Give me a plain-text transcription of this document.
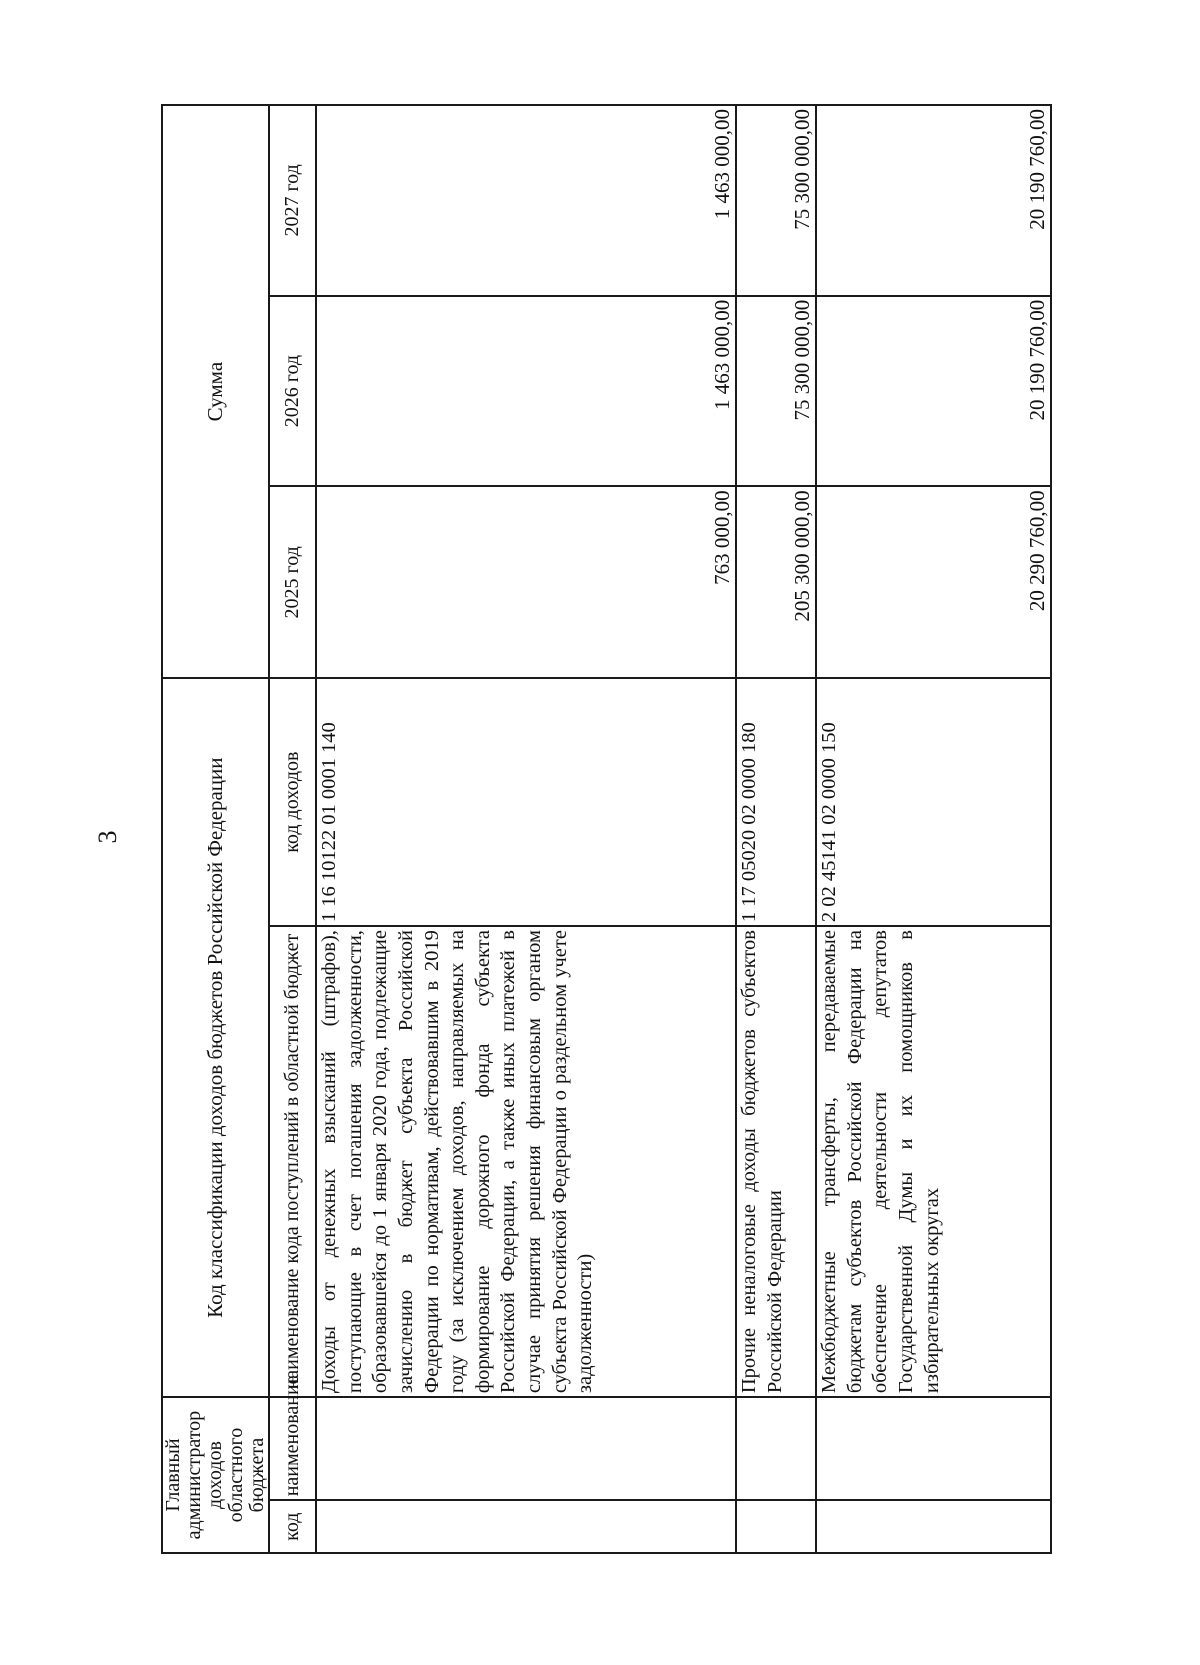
3
Главный администратор доходов областного бюджета		Код классификации доходов бюджетов Российской Федерации		Сумма		
код	наименование	наименование кода поступлений в областной бюджет	код доходов	2025 год	2026 год	2027 год
		Доходы от денежных взысканий (штрафов), поступающие в счет погашения задолженности, образовавшейся до 1 января 2020 года, подлежащие зачислению в бюджет субъекта Российской Федерации по нормативам, действовавшим в 2019 году (за исключением доходов, направляемых на формирование дорожного фонда субъекта Российской Федерации, а также иных платежей в случае принятия решения финансовым органом субъекта Российской Федерации о раздельном учете задолженности)	1 16 10122 01 0001 140	763 000,00	1 463 000,00	1 463 000,00
		Прочие неналоговые доходы бюджетов субъектов Российской Федерации	1 17 05020 02 0000 180	205 300 000,00	75 300 000,00	75 300 000,00
		Межбюджетные трансферты, передаваемые бюджетам субъектов Российской Федерации на обеспечение деятельности депутатов Государственной Думы и их помощников в избирательных округах	2 02 45141 02 0000 150	20 290 760,00	20 190 760,00	20 190 760,00
